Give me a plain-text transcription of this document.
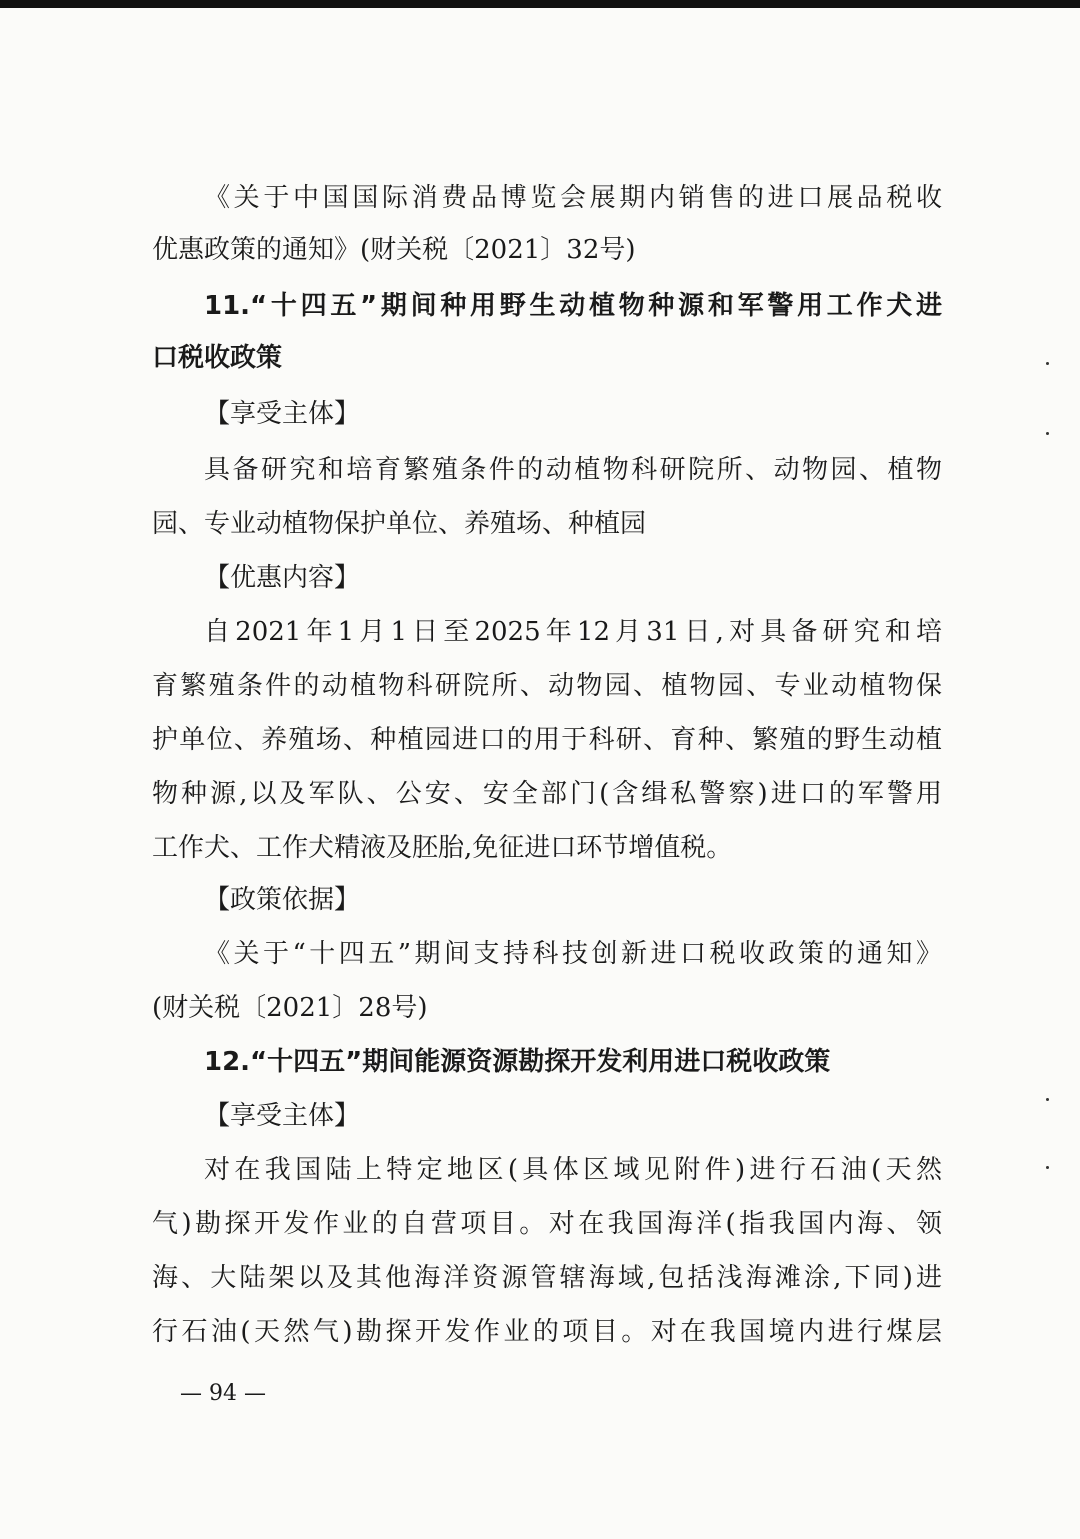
《关于中国国际消费品博览会展期内销售的进口展品税收
优惠政策的通知》(财关税〔2021〕32号)
11.“十四五”期间种用野生动植物种源和军警用工作犬进
口税收政策
【享受主体】
具备研究和培育繁殖条件的动植物科研院所、动物园、植物
园、专业动植物保护单位、养殖场、种植园
【优惠内容】
自2021年1月1日至2025年12月31日,对具备研究和培
育繁殖条件的动植物科研院所、动物园、植物园、专业动植物保
护单位、养殖场、种植园进口的用于科研、育种、繁殖的野生动植
物种源,以及军队、公安、安全部门(含缉私警察)进口的军警用
工作犬、工作犬精液及胚胎,免征进口环节增值税。
【政策依据】
《关于“十四五”期间支持科技创新进口税收政策的通知》
(财关税〔2021〕28号)
12.“十四五”期间能源资源勘探开发利用进口税收政策
【享受主体】
对在我国陆上特定地区(具体区域见附件)进行石油(天然
气)勘探开发作业的自营项目。对在我国海洋(指我国内海、领
海、大陆架以及其他海洋资源管辖海域,包括浅海滩涂,下同)进
行石油(天然气)勘探开发作业的项目。对在我国境内进行煤层
— 94 —
